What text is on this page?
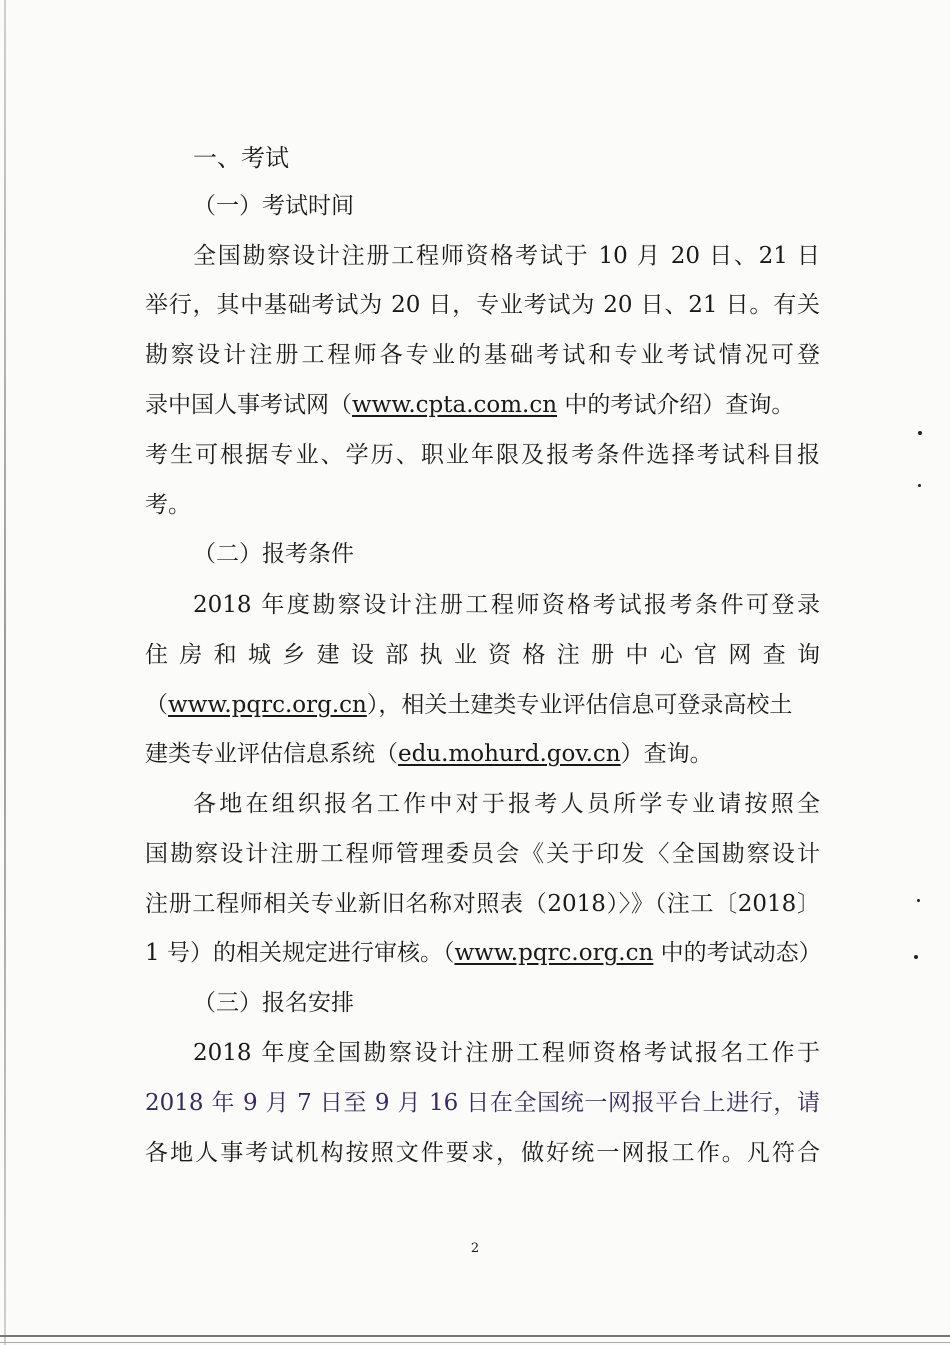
一、考试
（一）考试时间
全国勘察设计注册工程师资格考试于 10 月 20 日、21 日
举行，其中基础考试为 20 日，专业考试为 20 日、21 日。有关
勘察设计注册工程师各专业的基础考试和专业考试情况可登
录中国人事考试网（www.cpta.com.cn 中的考试介绍）查询。
考生可根据专业、学历、职业年限及报考条件选择考试科目报
考。
（二）报考条件
2018 年度勘察设计注册工程师资格考试报考条件可登录
住房和城乡建设部执业资格注册中心官网查询
（www.pqrc.org.cn），相关土建类专业评估信息可登录高校土
建类专业评估信息系统（edu.mohurd.gov.cn）查询。
各地在组织报名工作中对于报考人员所学专业请按照全
国勘察设计注册工程师管理委员会《关于印发〈全国勘察设计
注册工程师相关专业新旧名称对照表（2018）〉》（注工〔2018〕
1 号）的相关规定进行审核。（www.pqrc.org.cn 中的考试动态）
（三）报名安排
2018 年度全国勘察设计注册工程师资格考试报名工作于
2018 年 9 月 7 日至 9 月 16 日在全国统一网报平台上进行，请
各地人事考试机构按照文件要求，做好统一网报工作。凡符合
2
